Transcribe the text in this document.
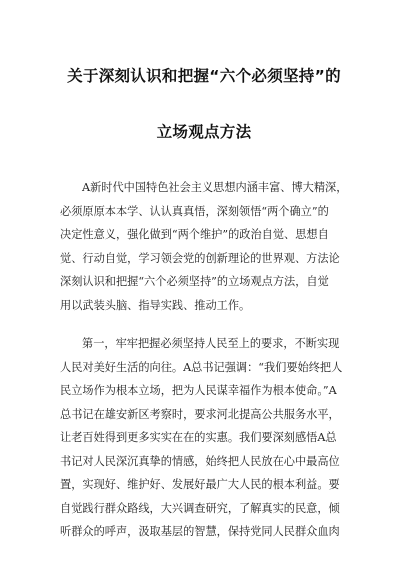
关于深刻认识和把握“六个必须坚持”的
立场观点方法
A新时代中国特色社会主义思想内涵丰富、博大精深，
必须原原本本学、认认真真悟，深刻领悟“两个确立”的
决定性意义，强化做到“两个维护”的政治自觉、思想自
觉、行动自觉，学习领会党的创新理论的世界观、方法论
深刻认识和把握“六个必须坚持”的立场观点方法，自觉
用以武装头脑、指导实践、推动工作。
第一，牢牢把握必须坚持人民至上的要求，不断实现
人民对美好生活的向往。A总书记强调：“我们要始终把人
民立场作为根本立场，把为人民谋幸福作为根本使命。”A
总书记在雄安新区考察时，要求河北提高公共服务水平，
让老百姓得到更多实实在在的实惠。我们要深刻感悟A总
书记对人民深沉真挚的情感，始终把人民放在心中最高位
置，实现好、维护好、发展好最广大人民的根本利益。要
自觉践行群众路线，大兴调查研究，了解真实的民意，倾
听群众的呼声，汲取基层的智慧，保持党同人民群众血肉
